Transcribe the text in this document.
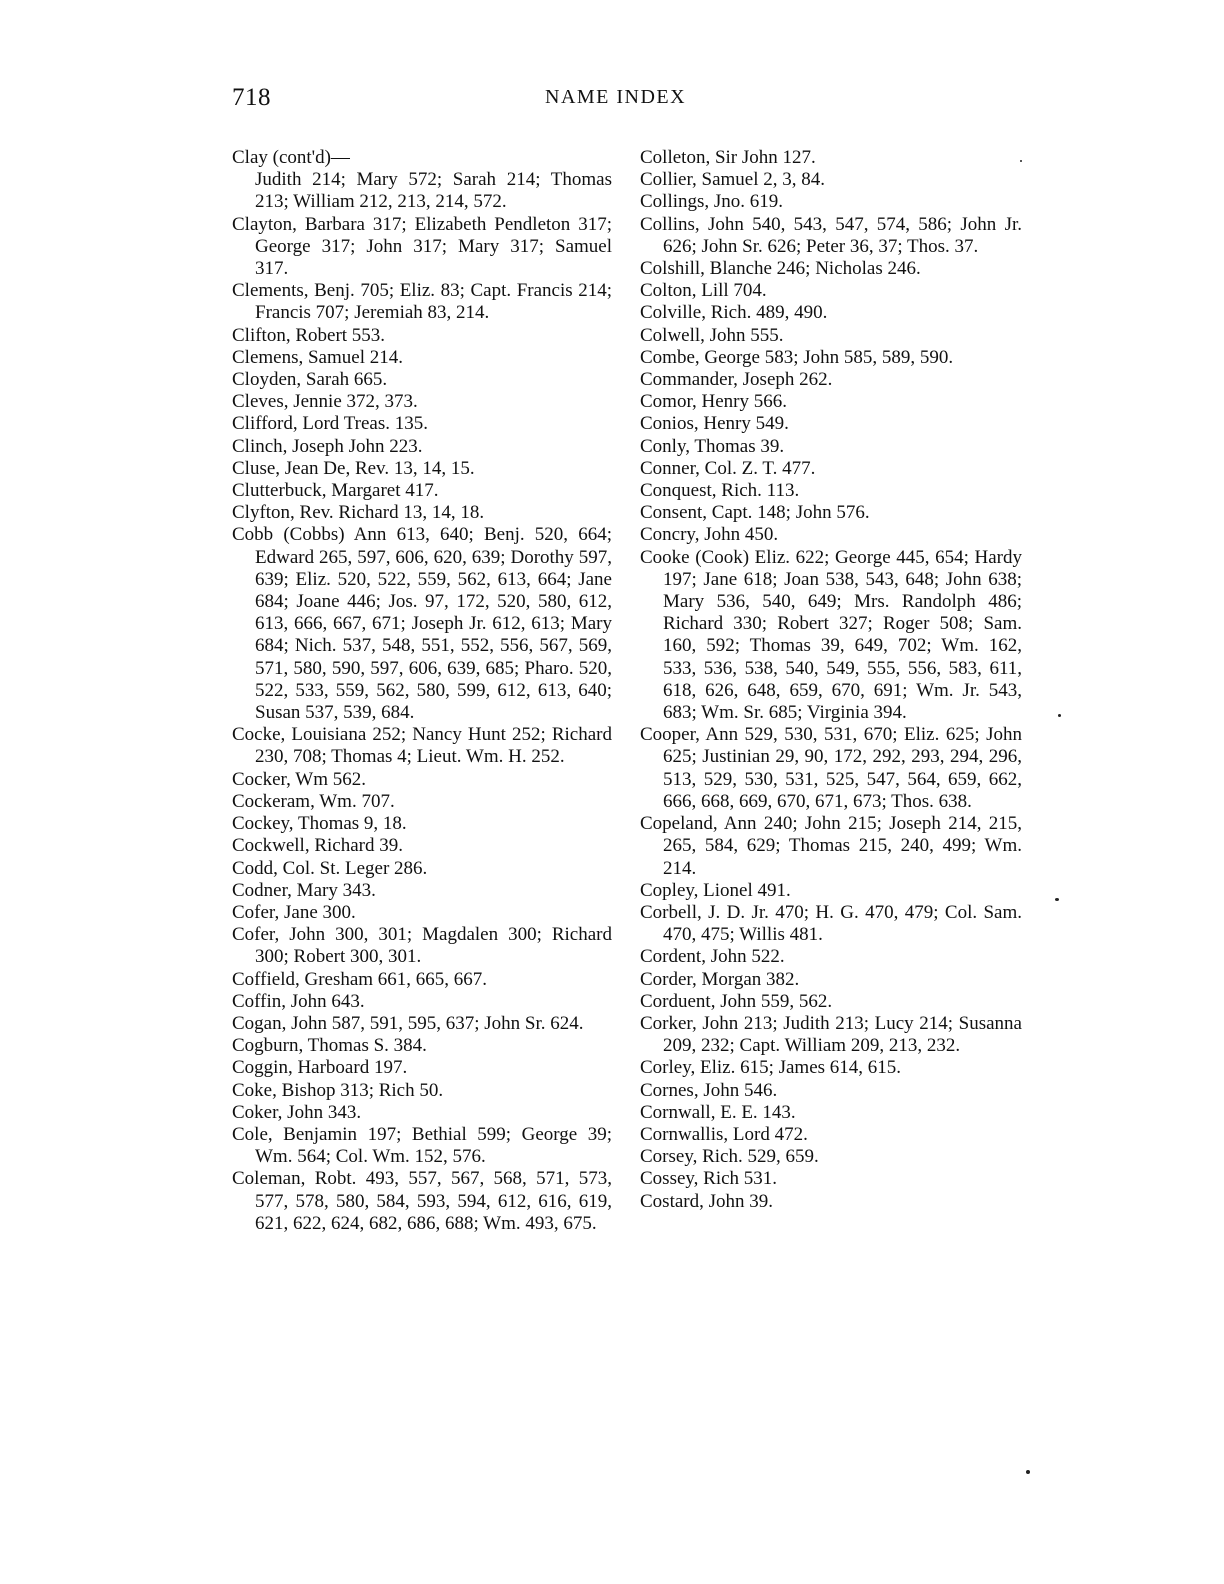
718	NAME INDEX

Clay (cont'd)—

Judith 214; Mary 572; Sarah 214; Thomas 213; William 212, 213, 214, 572.

Clayton, Barbara 317; Elizabeth Pendleton 317; George 317; John 317; Mary 317; Samuel 317.

Clements, Benj. 705; Eliz. 83; Capt. Francis 214; Francis 707; Jeremiah 83, 214.

Clifton, Robert 553.

Clemens, Samuel 214.

Cloyden, Sarah 665.

Cleves, Jennie 372, 373.

Clifford, Lord Treas. 135.

Clinch, Joseph John 223.

Cluse, Jean De, Rev. 13, 14, 15.

Clutterbuck, Margaret 417.

Clyfton, Rev. Richard 13, 14, 18.

Cobb (Cobbs) Ann 613, 640; Benj. 520, 664; Edward 265, 597, 606, 620, 639; Dorothy 597, 639; Eliz. 520, 522, 559, 562, 613, 664; Jane 684; Joane 446; Jos. 97, 172, 520, 580, 612, 613, 666, 667, 671; Joseph Jr. 612, 613; Mary 684; Nich. 537, 548, 551, 552, 556, 567, 569, 571, 580, 590, 597, 606, 639, 685; Pharo. 520, 522, 533, 559, 562, 580, 599, 612, 613, 640; Susan 537, 539, 684.

Cocke, Louisiana 252; Nancy Hunt 252; Richard 230, 708; Thomas 4; Lieut. Wm. H. 252.

Cocker, Wm 562.

Cockeram, Wm. 707.

Cockey, Thomas 9, 18.

Cockwell, Richard 39.

Codd, Col. St. Leger 286.

Codner, Mary 343.

Cofer, Jane 300.

Cofer, John 300, 301; Magdalen 300; Richard 300; Robert 300, 301.

Coffield, Gresham 661, 665, 667.

Coffin, John 643.

Cogan, John 587, 591, 595, 637; John Sr. 624.

Cogburn, Thomas S. 384.

Coggin, Harboard 197.

Coke, Bishop 313; Rich 50.

Coker, John 343.

Cole, Benjamin 197; Bethial 599; George 39; Wm. 564; Col. Wm. 152, 576.

Coleman, Robt. 493, 557, 567, 568, 571, 573, 577, 578, 580, 584, 593, 594, 612, 616, 619, 621, 622, 624, 682, 686, 688; Wm. 493, 675.

Colleton, Sir John 127.

Collier, Samuel 2, 3, 84.

Collings, Jno. 619.

Collins, John 540, 543, 547, 574, 586; John Jr. 626; John Sr. 626; Peter 36, 37; Thos. 37.

Colshill, Blanche 246; Nicholas 246.

Colton, Lill 704.

Colville, Rich. 489, 490.

Colwell, John 555.

Combe, George 583; John 585, 589, 590.

Commander, Joseph 262.

Comor, Henry 566.

Conios, Henry 549.

Conly, Thomas 39.

Conner, Col. Z. T. 477.

Conquest, Rich. 113.

Consent, Capt. 148; John 576.

Concry, John 450.

Cooke (Cook) Eliz. 622; George 445, 654; Hardy 197; Jane 618; Joan 538, 543, 648; John 638; Mary 536, 540, 649; Mrs. Randolph 486; Richard 330; Robert 327; Roger 508; Sam. 160, 592; Thomas 39, 649, 702; Wm. 162, 533, 536, 538, 540, 549, 555, 556, 583, 611, 618, 626, 648, 659, 670, 691; Wm. Jr. 543, 683; Wm. Sr. 685; Virginia 394.

Cooper, Ann 529, 530, 531, 670; Eliz. 625; John 625; Justinian 29, 90, 172, 292, 293, 294, 296, 513, 529, 530, 531, 525, 547, 564, 659, 662, 666, 668, 669, 670, 671, 673; Thos. 638.

Copeland, Ann 240; John 215; Joseph 214, 215, 265, 584, 629; Thomas 215, 240, 499; Wm. 214.

Copley, Lionel 491.

Corbell, J. D. Jr. 470; H. G. 470, 479; Col. Sam. 470, 475; Willis 481.

Cordent, John 522.

Corder, Morgan 382.

Corduent, John 559, 562.

Corker, John 213; Judith 213; Lucy 214; Susanna 209, 232; Capt. William 209, 213, 232.

Corley, Eliz. 615; James 614, 615.

Cornes, John 546.

Cornwall, E. E. 143.

Cornwallis, Lord 472.

Corsey, Rich. 529, 659.

Cossey, Rich 531.

Costard, John 39.
